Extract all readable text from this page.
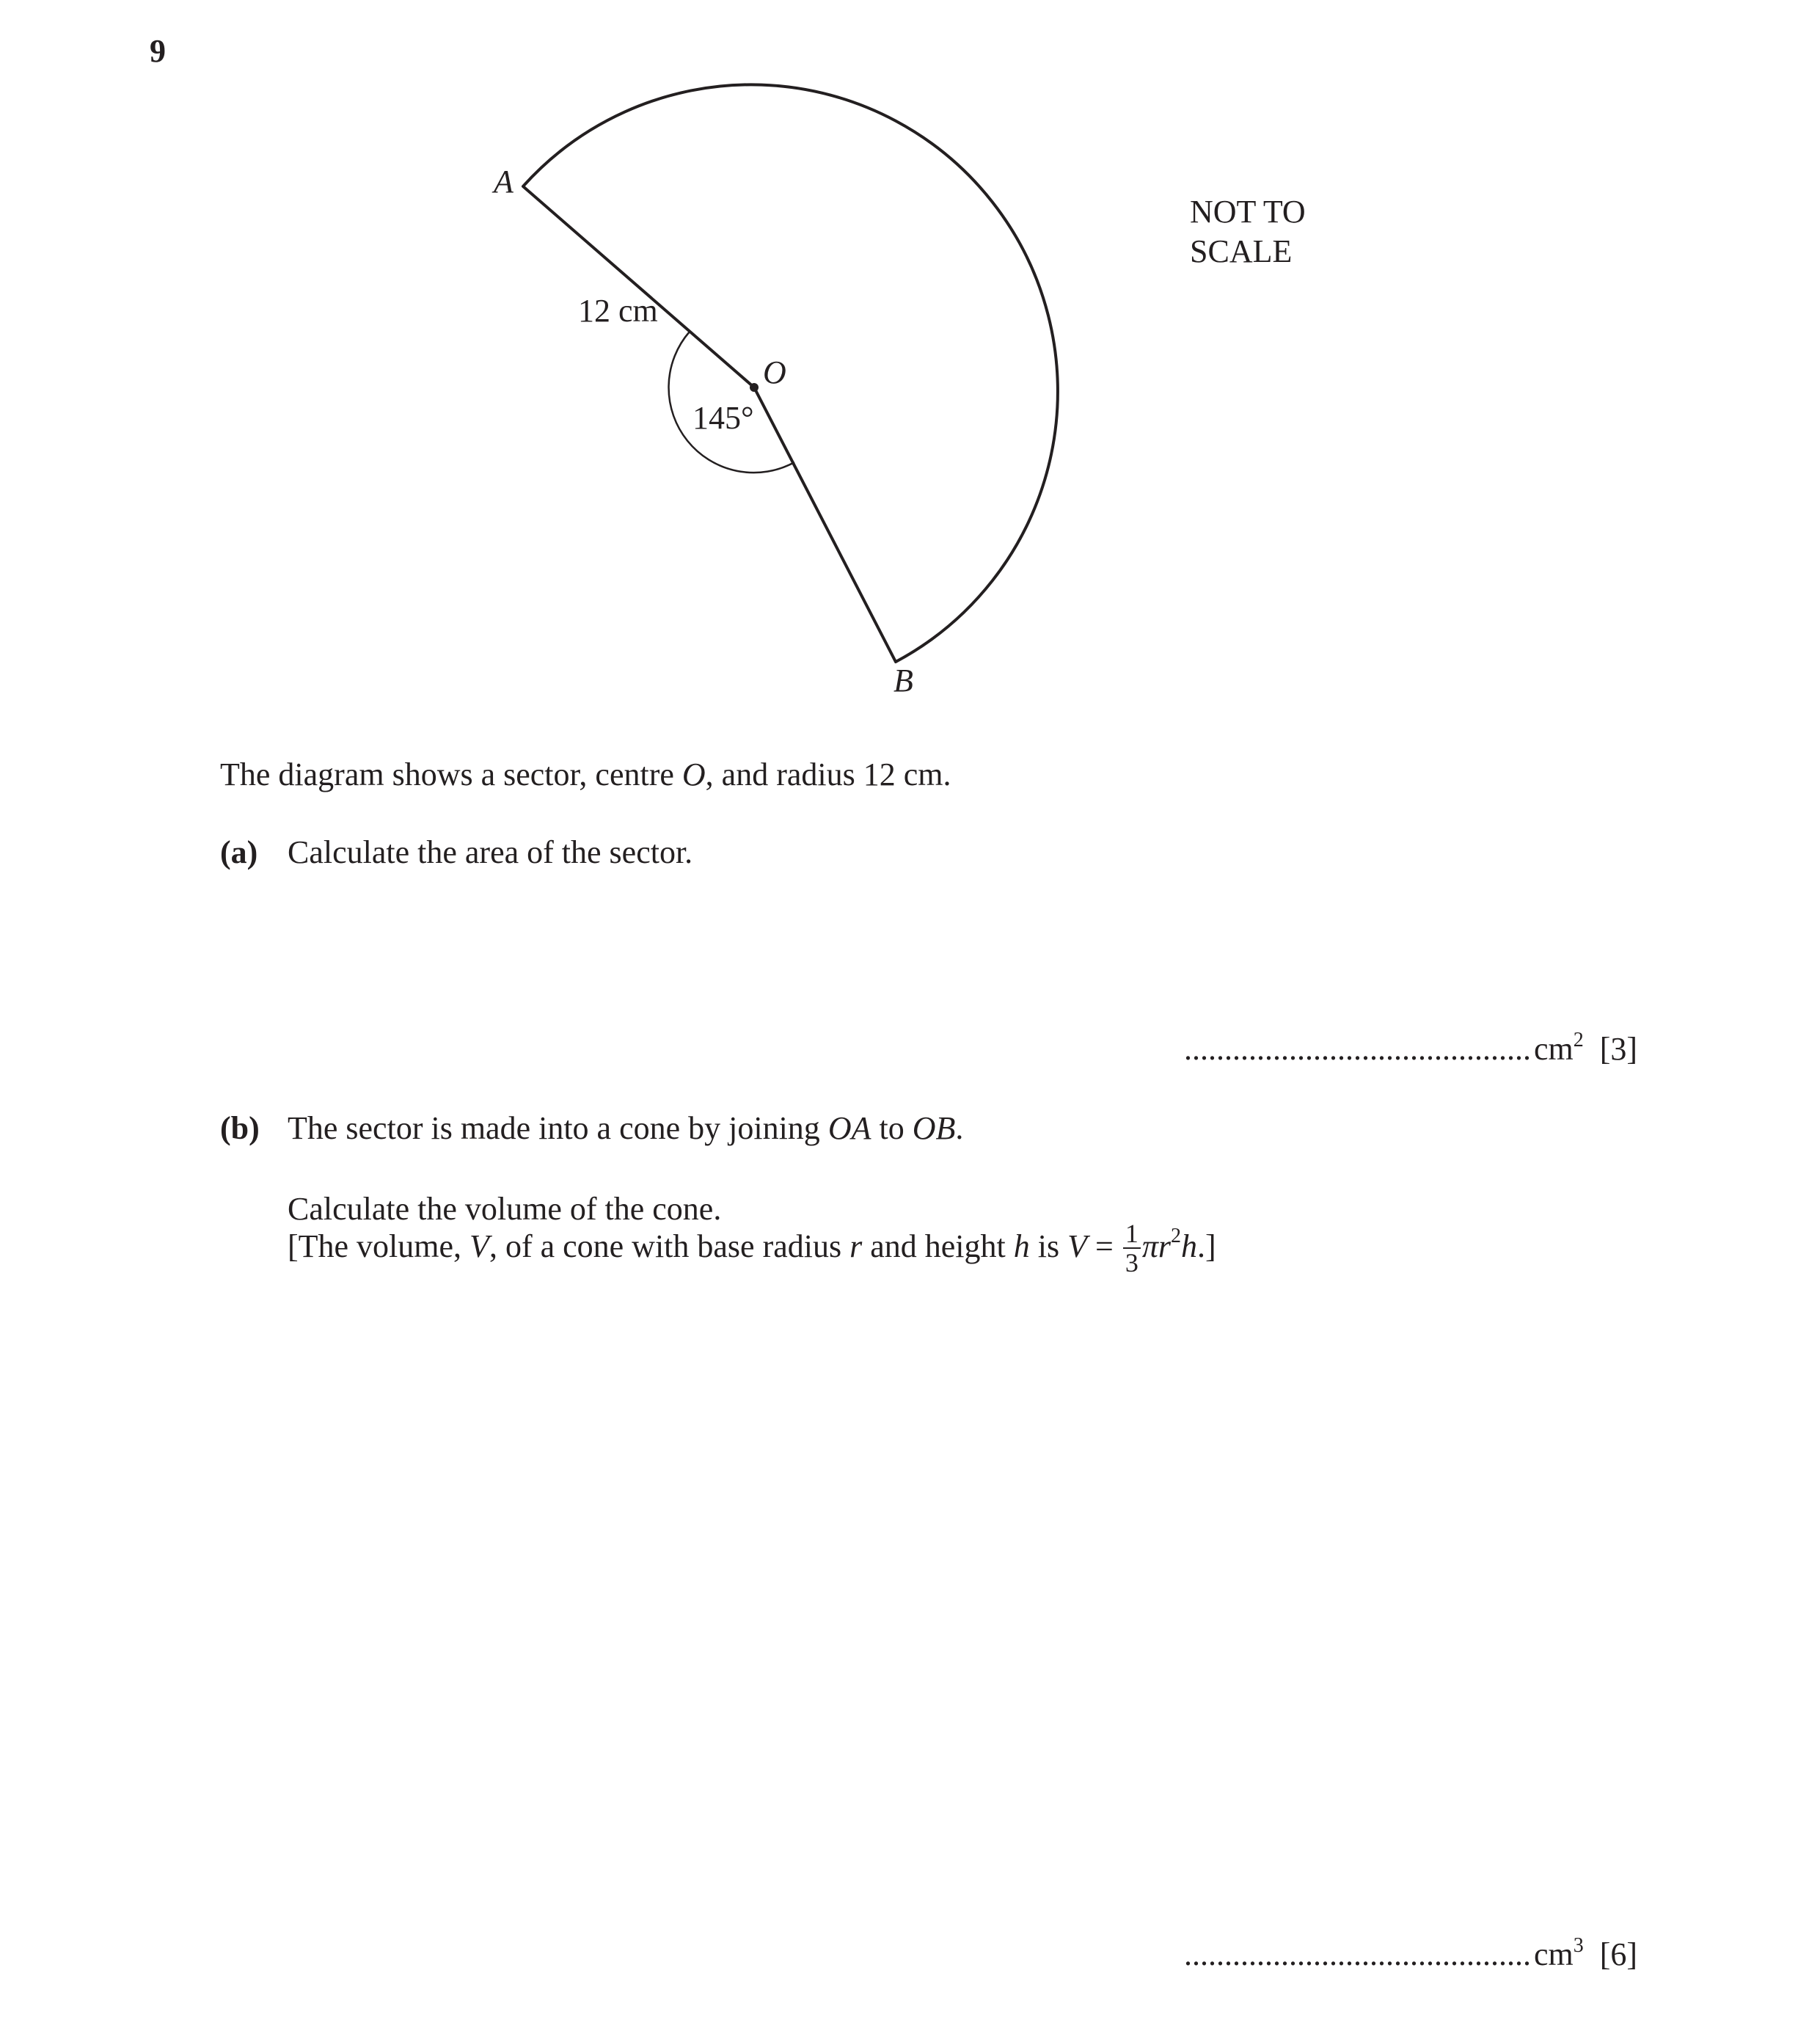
9
A
O
B
12 cm
145°
NOT TO
SCALE
The diagram shows a sector, centre O, and radius 12 cm.
(a) Calculate the area of the sector.
$...........................................cm^2$ [3]
(b) The sector is made into a cone by joining OA to OB.
Calculate the volume of the cone.
[The volume, V, of a cone with base radius r and height h is $V = \frac{1}{3} \pi r^2h$.]
$...........................................cm^3$ [6]
